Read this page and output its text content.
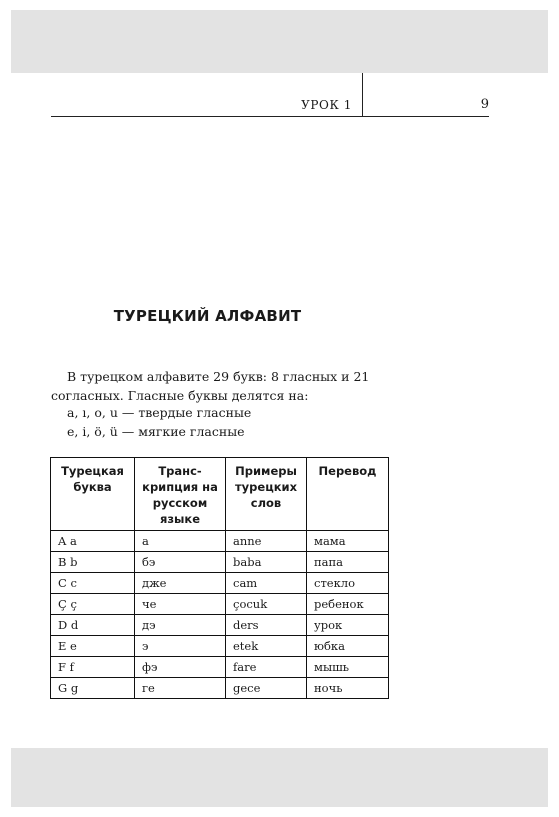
УРОК 1	9
ТУРЕЦКИЙ АЛФАВИТ
В турецком алфавите 29 букв: 8 гласных и 21 согласных. Гласные буквы делятся на:
a, ı, o, u — твердые гласные
e, i, ö, ü — мягкие гласные
Турецкая буква	Транс-крипция на русском языке	Примеры турецких слов	Перевод
A a	а	anne	мама
B b	бэ	baba	папа
C c	дже	cam	стекло
Ç ç	че	çocuk	ребенок
D d	дэ	ders	урок
E e	э	etek	юбка
F f	фэ	fare	мышь
G g	гe	gece	ночь
